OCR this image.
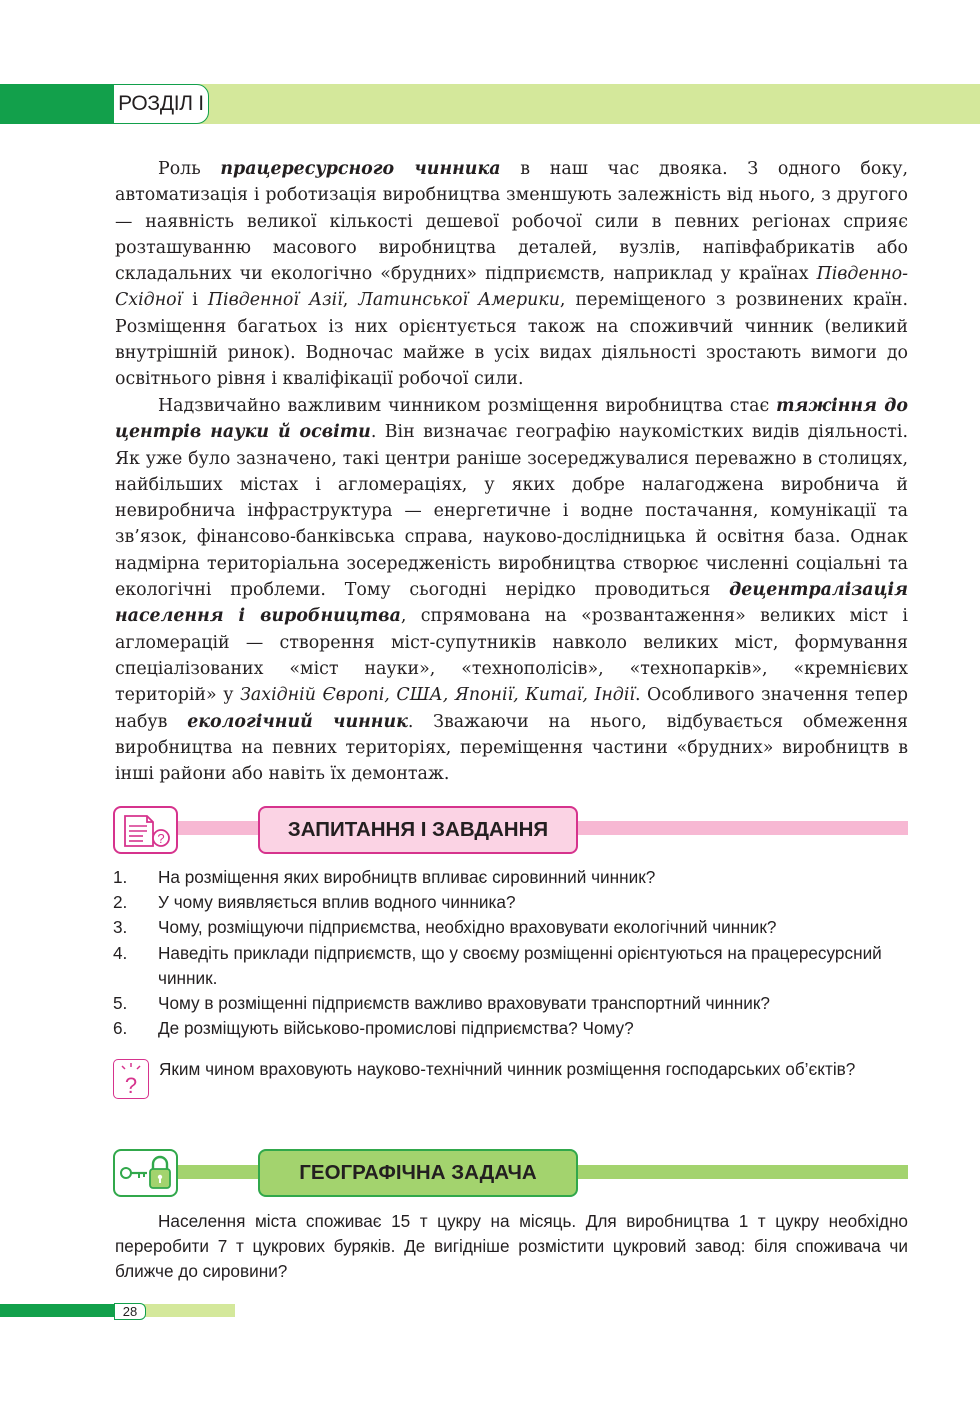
РОЗДІЛ І

Роль працересурсного чинника в наш час двояка. З одного боку, автоматизація і роботизація виробництва зменшують залежність від нього, з другого — наявність великої кількості дешевої робочої сили в певних регіонах сприяє розташуванню масового виробництва деталей, вузлів, напівфабрикатів або складальних чи екологічно «брудних» підприємств, наприклад у країнах Південно-Східної і Південної Азії, Латинської Америки, переміщеного з розвинених країн. Розміщення багатьох із них орієнтується також на споживчий чинник (великий внутрішній ринок). Водночас майже в усіх видах діяльності зростають вимоги до освітнього рівня і кваліфікації робочої сили.

Надзвичайно важливим чинником розміщення виробництва стає тяжіння до центрів науки й освіти. Він визначає географію наукомістких видів діяльності. Як уже було зазначено, такі центри раніше зосереджувалися переважно в столицях, найбільших містах і агломераціях, у яких добре налагоджена виробнича й невиробнича інфраструктура — енергетичне і водне постачання, комунікації та зв’язок, фінансово-банківська справа, науково-дослідницька й освітня база. Однак надмірна територіальна зосередженість виробництва створює численні соціальні та екологічні проблеми. Тому сьогодні нерідко проводиться децентралізація населення і виробництва, спрямована на «розвантаження» великих міст і агломерацій — створення міст-супутників навколо великих міст, формування спеціалізованих «міст науки», «технополісів», «технопарків», «кремнієвих територій» у Західній Європі, США, Японії, Китаї, Індії. Особливого значення тепер набув екологічний чинник. Зважаючи на нього, відбувається обмеження виробництва на певних територіях, переміщення частини «брудних» виробництв в інші райони або навіть їх демонтаж.

?	ЗАПИТАННЯ І ЗАВДАННЯ
1.	На розміщення яких виробництв впливає сировинний чинник?
2.	У чому виявляється вплив водного чинника?
3.	Чому, розміщуючи підприємства, необхідно враховувати екологічний чинник?
4.	Наведіть приклади підприємств, що у своєму розміщенні орієнтуються на працересурсний чинник.
5.	Чому в розміщенні підприємств важливо враховувати транспортний чинник?
6.	Де розміщують військово-промислові підприємства? Чому?
?

Яким чином враховують науково-технічний чинник розміщення господарських об’єктів?

ГЕОГРАФІЧНА ЗАДАЧА

Населення міста споживає 15 т цукру на місяць. Для виробництва 1 т цукру необхідно переробити 7 т цукрових буряків. Де вигідніше розмістити цукровий завод: біля споживача чи ближче до сировини?

28
